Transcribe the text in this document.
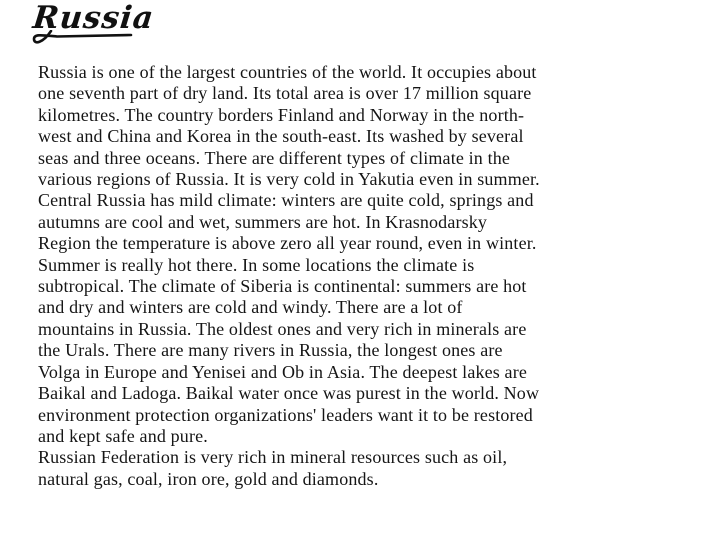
Russia
Russia is one of the largest countries of the world. It occupies about
one seventh part of dry land. Its total area is over 17 million square
kilometres. The country borders Finland and Norway in the north-
west and China and Korea in the south-east. Its washed by several
seas and three oceans. There are different types of climate in the
various regions of Russia. It is very cold in Yakutia even in summer.
Central Russia has mild climate: winters are quite cold, springs and
autumns are cool and wet, summers are hot. In Krasnodarsky
Region the temperature is above zero all year round, even in winter.
Summer is really hot there. In some locations the climate is
subtropical. The climate of Siberia is continental: summers are hot
and dry and winters are cold and windy. There are a lot of
mountains in Russia. The oldest ones and very rich in minerals are
the Urals. There are many rivers in Russia, the longest ones are
Volga in Europe and Yenisei and Ob in Asia. The deepest lakes are
Baikal and Ladoga. Baikal water once was purest in the world. Now
environment protection organizations' leaders want it to be restored
and kept safe and pure.
Russian Federation is very rich in mineral resources such as oil,
natural gas, coal, iron ore, gold and diamonds.
